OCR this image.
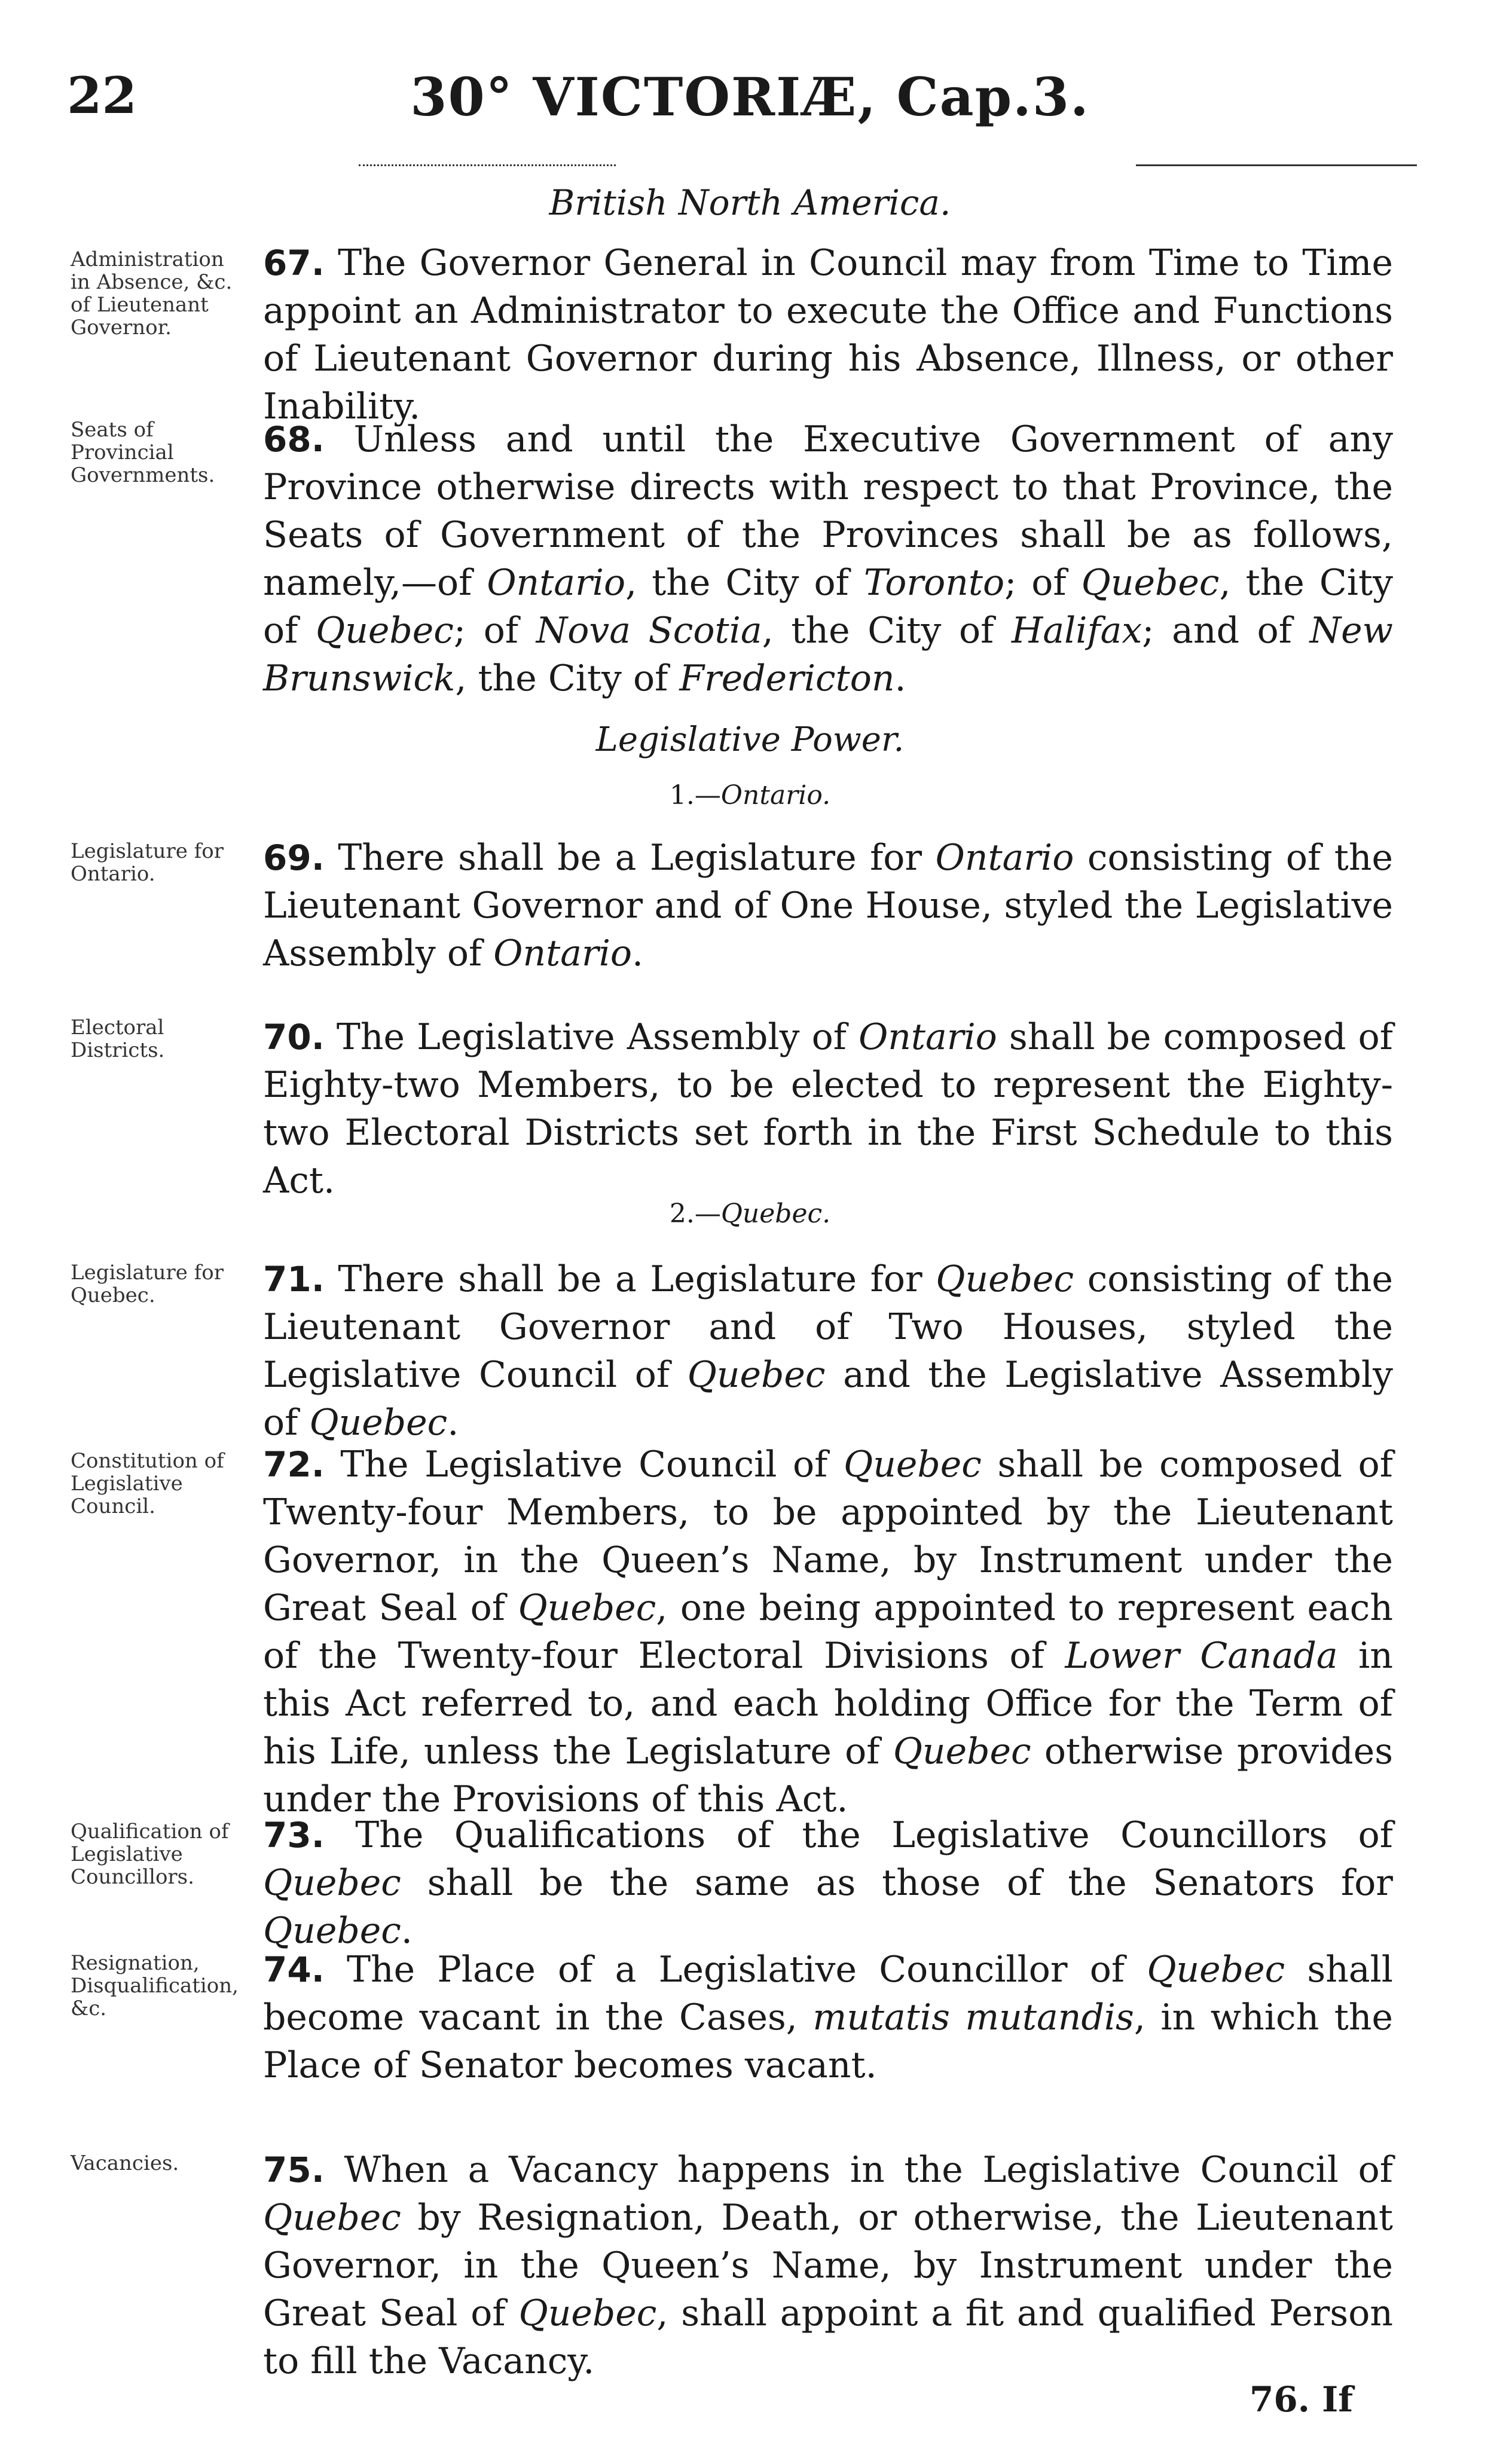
22	30° VICTORIÆ, Cap.3.
British North America.
Administration in Absence, &c. of Lieutenant Governor.
67. The Governor General in Council may from Time to Time appoint an Administrator to execute the Office and Functions of Lieutenant Governor during his Absence, Illness, or other Inability.
Seats of Provincial Governments.
68. Unless and until the Executive Government of any Province otherwise directs with respect to that Province, the Seats of Government of the Provinces shall be as follows, namely,—of Ontario, the City of Toronto; of Quebec, the City of Quebec; of Nova Scotia, the City of Halifax; and of New Brunswick, the City of Fredericton.
Legislative Power.
1.—Ontario.
Legislature for Ontario.	69. There shall be a Legislature for Ontario consisting of the Lieutenant Governor and of One House, styled the Legislative Assembly of Ontario.
Electoral Districts.	70. The Legislative Assembly of Ontario shall be composed of Eighty-two Members, to be elected to represent the Eighty-two Electoral Districts set forth in the First Schedule to this Act.
2.—Quebec.
Legislature for Quebec.	71. There shall be a Legislature for Quebec consisting of the Lieutenant Governor and of Two Houses, styled the Legislative Council of Quebec and the Legislative Assembly of Quebec.
Constitution of Legislative Council.
72. The Legislative Council of Quebec shall be composed of Twenty-four Members, to be appointed by the Lieutenant Governor, in the Queen’s Name, by Instrument under the Great Seal of Quebec, one being appointed to represent each of the Twenty-four Electoral Divisions of Lower Canada in this Act referred to, and each holding Office for the Term of his Life, unless the Legislature of Quebec otherwise provides under the Provisions of this Act.
Qualification of Legislative Councillors.
73. The Qualifications of the Legislative Councillors of Quebec shall be the same as those of the Senators for Quebec.
Resignation, Disqualification, &c.
74. The Place of a Legislative Councillor of Quebec shall become vacant in the Cases, mutatis mutandis, in which the Place of Senator becomes vacant.
Vacancies.	75. When a Vacancy happens in the Legislative Council of Quebec by Resignation, Death, or otherwise, the Lieutenant Governor, in the Queen’s Name, by Instrument under the Great Seal of Quebec, shall appoint a fit and qualified Person to fill the Vacancy.
76. If
